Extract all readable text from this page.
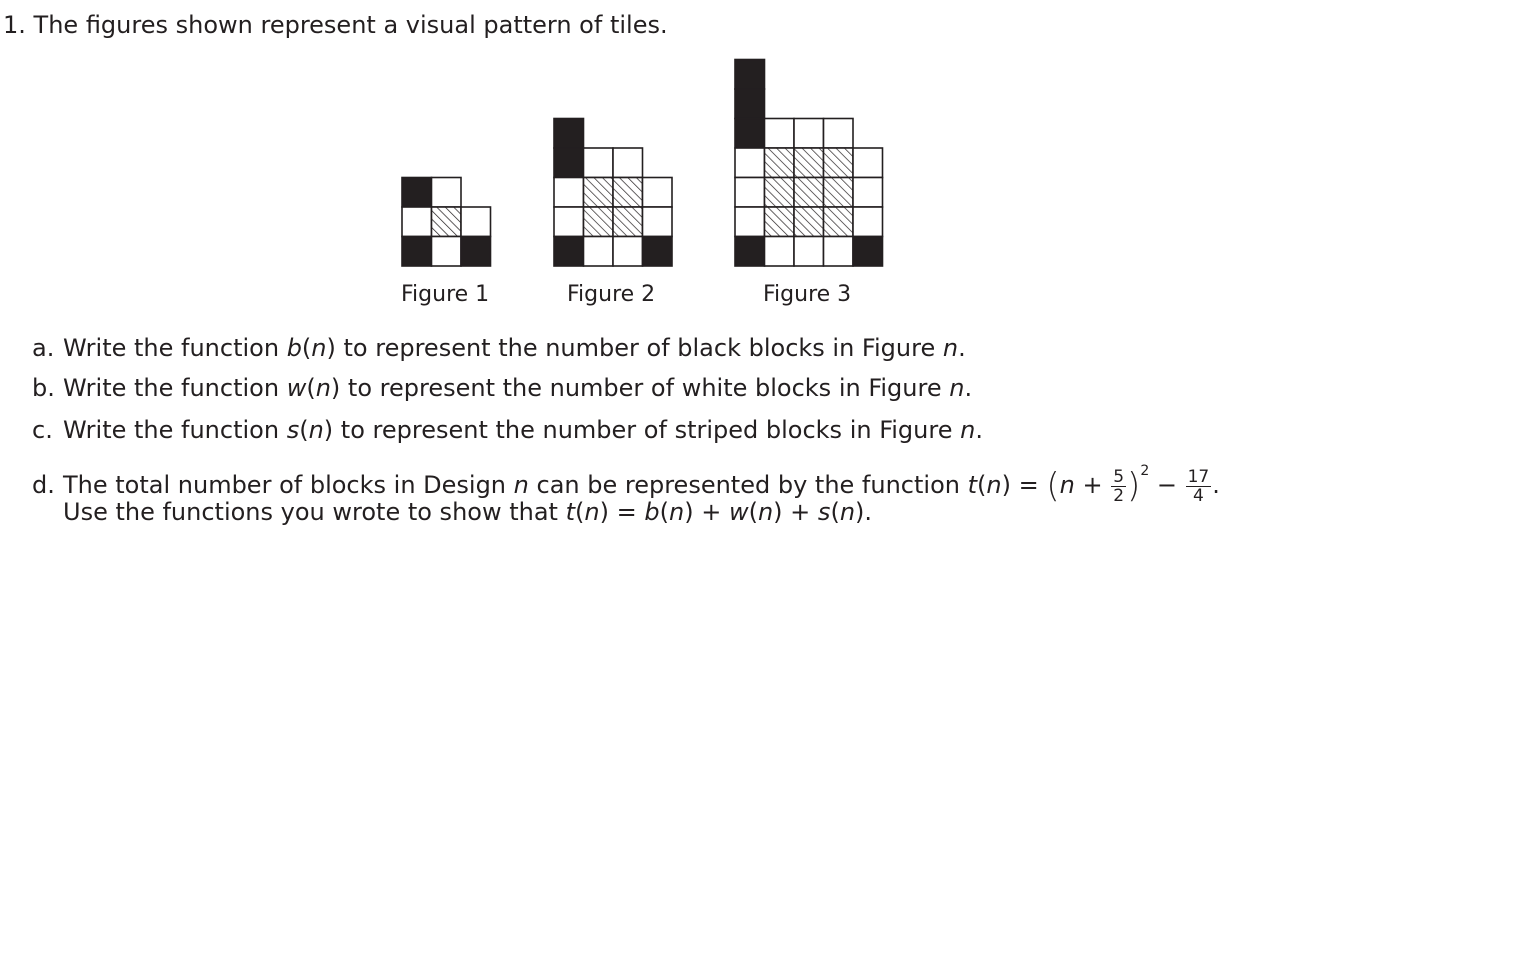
1. The figures shown represent a visual pattern of tiles.
Figure 1	Figure 2	Figure 3
a. Write the function b(n) to represent the number of black blocks in Figure n.
b. Write the function w(n) to represent the number of white blocks in Figure n.
c. Write the function s(n) to represent the number of striped blocks in Figure n.
d. The total number of blocks in Design n can be represented by the function $t(n) = (n + \frac{5}{2} )^2 - \frac{17}{4}$ .
Use the functions you wrote to show that t(n) = b(n) + w(n) + s(n).
